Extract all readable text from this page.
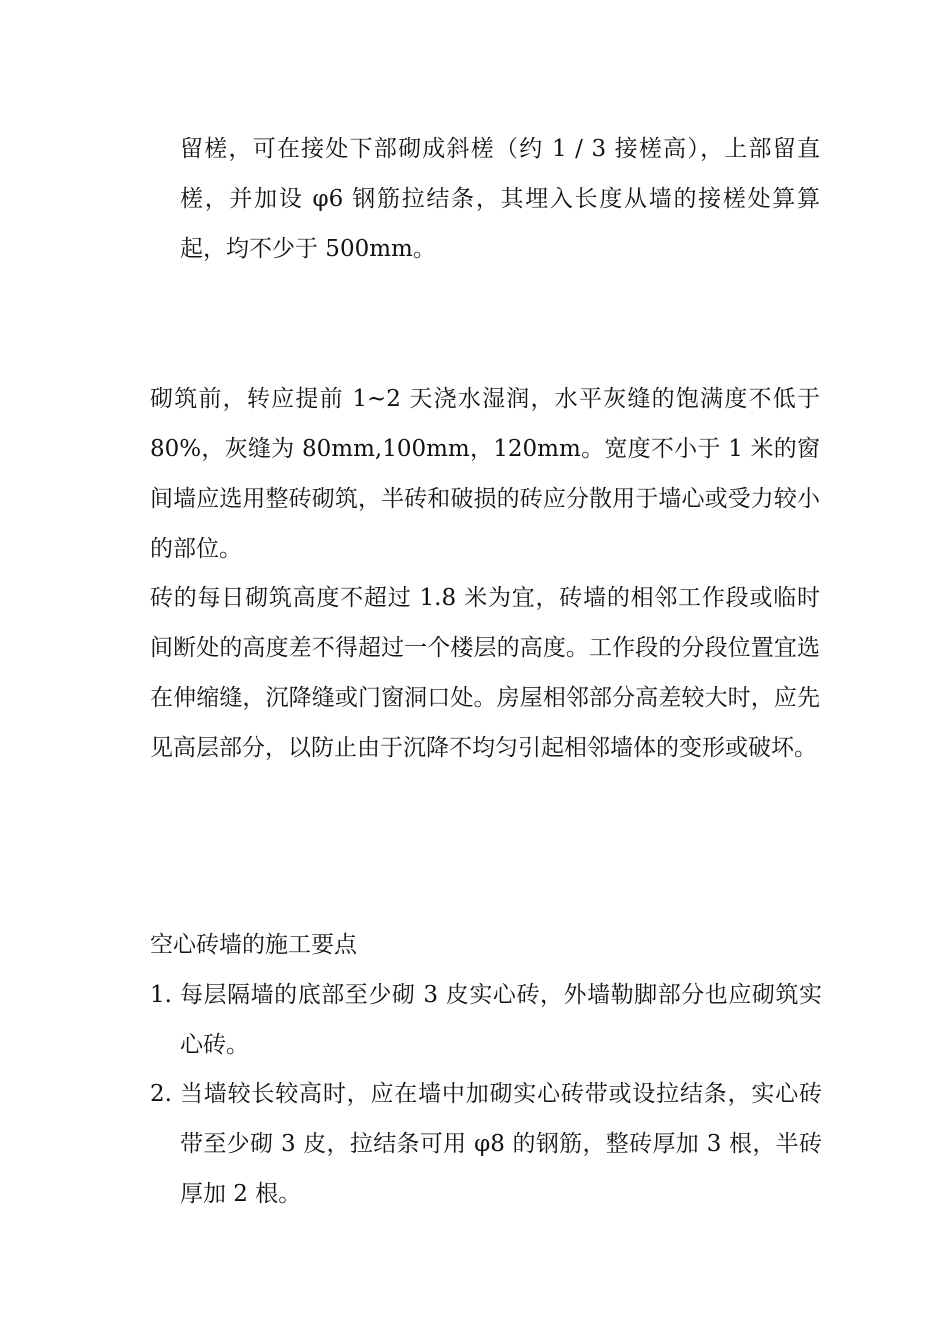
留槎，可在接处下部砌成斜槎（约 1 / 3 接槎高），上部留直槎，并加设 φ6 钢筋拉结条，其埋入长度从墙的接槎处算算起，均不少于 500mm。

砌筑前，转应提前 1~2 天浇水湿润，水平灰缝的饱满度不低于 80%，灰缝为 80mm,100mm，120mm。宽度不小于 1 米的窗间墙应选用整砖砌筑，半砖和破损的砖应分散用于墙心或受力较小的部位。

砖的每日砌筑高度不超过 1.8 米为宜，砖墙的相邻工作段或临时间断处的高度差不得超过一个楼层的高度。工作段的分段位置宜选在伸缩缝，沉降缝或门窗洞口处。房屋相邻部分高差较大时，应先见高层部分，以防止由于沉降不均匀引起相邻墙体的变形或破坏。

空心砖墙的施工要点

1. 每层隔墙的底部至少砌 3 皮实心砖，外墙勒脚部分也应砌筑实心砖。
2. 当墙较长较高时，应在墙中加砌实心砖带或设拉结条，实心砖带至少砌 3 皮，拉结条可用 φ8 的钢筋，整砖厚加 3 根，半砖厚加 2 根。
